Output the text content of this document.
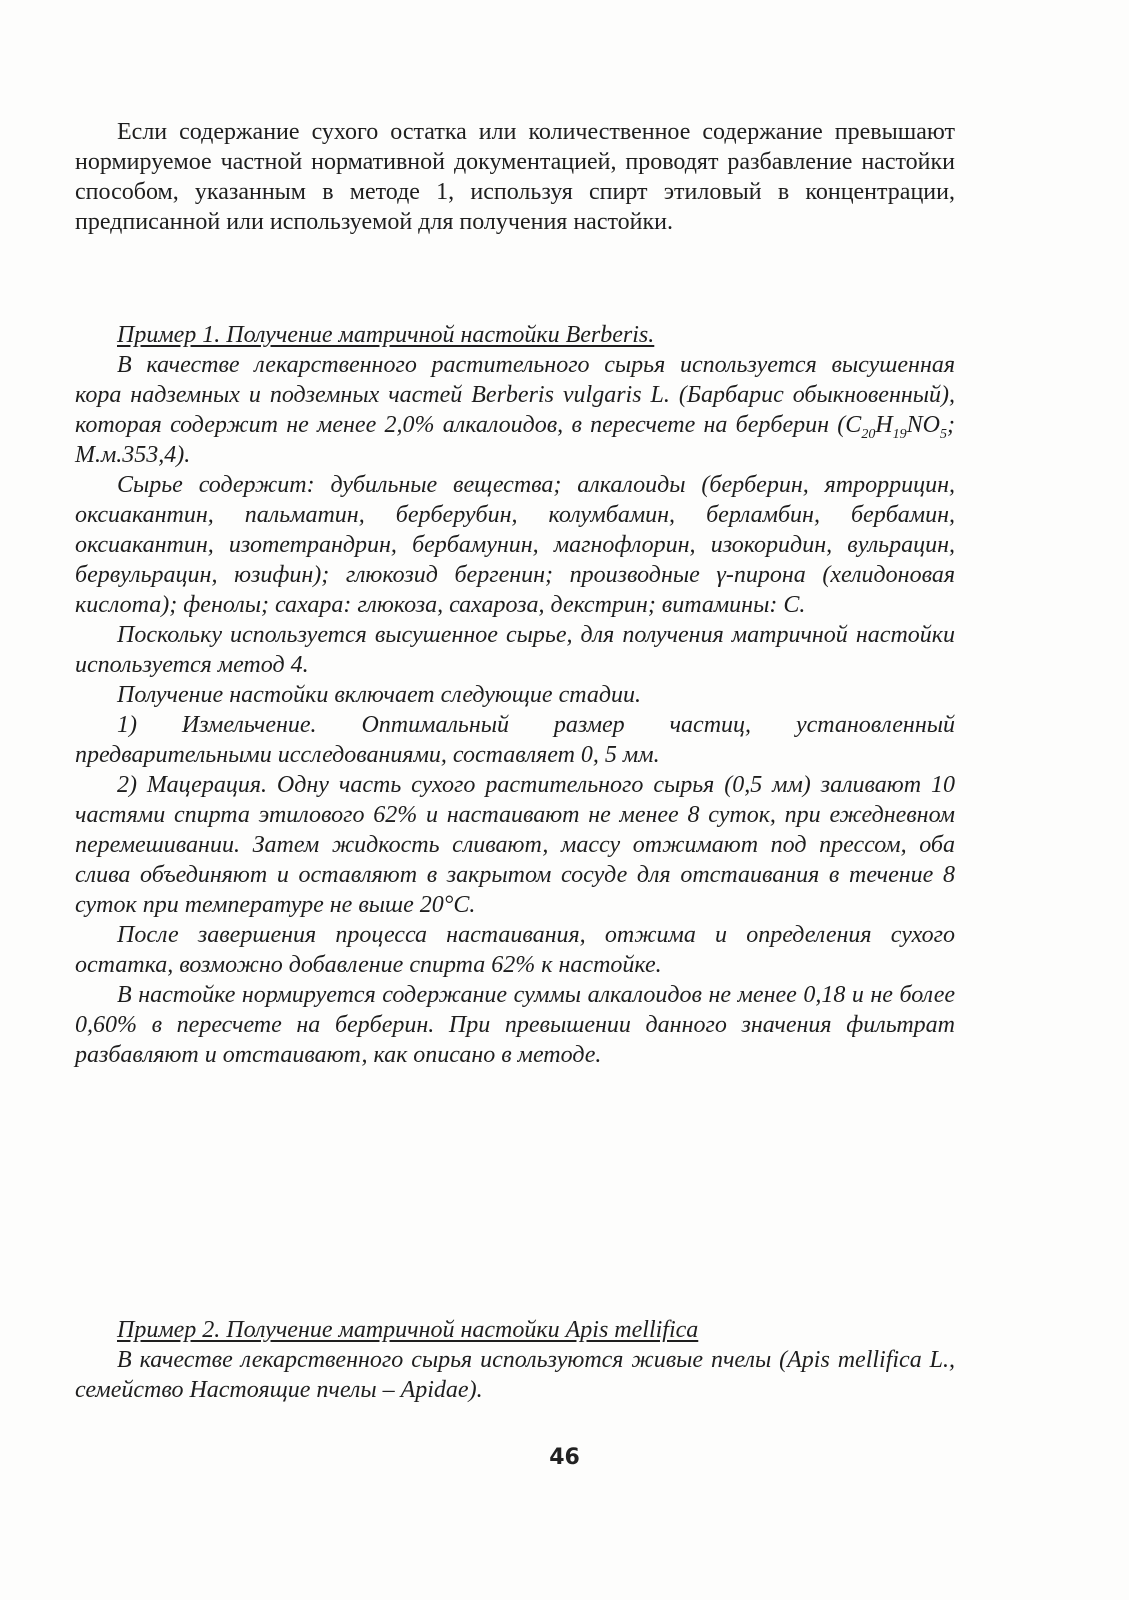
Если содержание сухого остатка или количественное содержание превышают нормируемое частной нормативной документацией, проводят разбавление настойки способом, указанным в методе 1, используя спирт этиловый в концентрации, предписанной или используемой для получения настойки.

Пример 1. Получение матричной настойки Berberis.

В качестве лекарственного растительного сырья используется высушенная кора надземных и подземных частей Berberis vulgaris L. (Барбарис обыкновенный), которая содержит не менее 2,0% алкалоидов, в пересчете на берберин ($C_{20}H_{19}NO_5$; М.м.353,4).

Сырье содержит: дубильные вещества; алкалоиды (берберин, ятроррицин, оксиакантин, пальматин, берберубин, колумбамин, берламбин, бербамин, оксиакантин, изотетрандрин, бербамунин, магнофлорин, изокоридин, вульрацин, бервульрацин, юзифин); глюкозид бергенин; производные γ-пирона (хелидоновая кислота); фенолы; сахара: глюкоза, сахароза, декстрин; витамины: С.

Поскольку используется высушенное сырье, для получения матричной настойки используется метод 4.

Получение настойки включает следующие стадии.

1) Измельчение. Оптимальный размер частиц, установленный предварительными исследованиями, составляет 0, 5 мм.

2) Мацерация. Одну часть сухого растительного сырья (0,5 мм) заливают 10 частями спирта этилового 62% и настаивают не менее 8 суток, при ежедневном перемешивании. Затем жидкость сливают, массу отжимают под прессом, оба слива объединяют и оставляют в закрытом сосуде для отстаивания в течение 8 суток при температуре не выше 20°С.

После завершения процесса настаивания, отжима и определения сухого остатка, возможно добавление спирта 62% к настойке.

В настойке нормируется содержание суммы алкалоидов не менее 0,18 и не более 0,60% в пересчете на берберин. При превышении данного значения фильтрат разбавляют и отстаивают, как описано в методе.

Пример 2. Получение матричной настойки Apis mellifica

В качестве лекарственного сырья используются живые пчелы (Apis mellifica L., семейство Настоящие пчелы – Apidae).

46
